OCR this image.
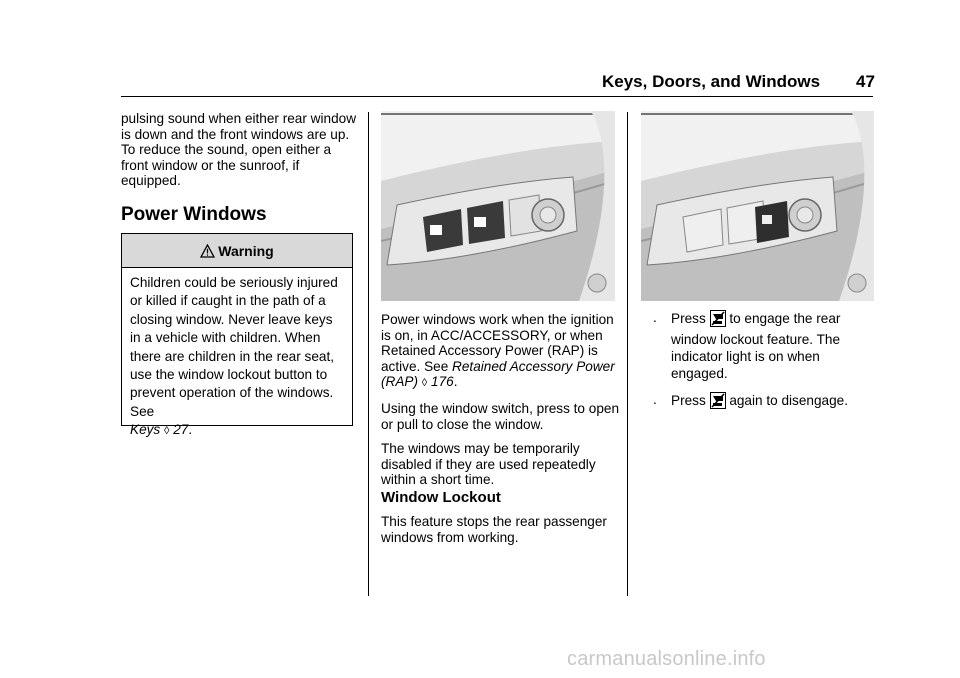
Keys, Doors, and Windows 47
pulsing sound when either rear window is down and the front windows are up. To reduce the sound, open either a front window or the sunroof, if equipped.
Power Windows
Warning
Children could be seriously injured or killed if caught in the path of a closing window. Never leave keys in a vehicle with children. When there are children in the rear seat, use the window lockout button to prevent operation of the windows. See
Keys ◊ 27.

Power windows work when the ignition is on, in ACC/ACCESSORY, or when Retained Accessory Power (RAP) is active. See Retained Accessory Power (RAP) ◊ 176.

Using the window switch, press to open or pull to close the window.

The windows may be temporarily disabled if they are used repeatedly within a short time.

Window Lockout
This feature stops the rear passenger windows from working.
.	Press to engage the rear window lockout feature. The indicator light is on when engaged.
.	Press again to disengage.
carmanualsonline.info
